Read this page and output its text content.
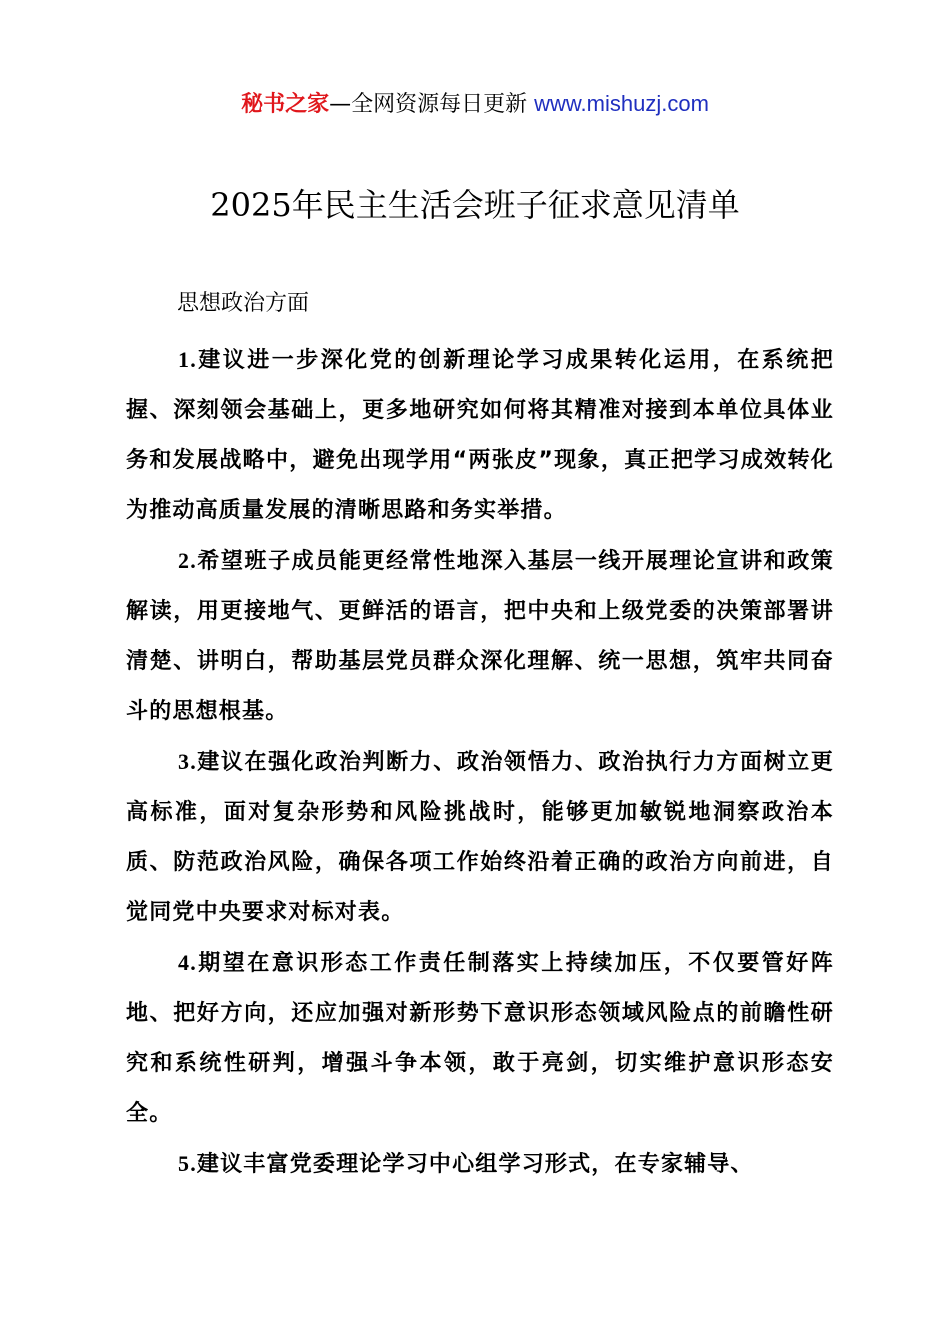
秘书之家—全网资源每日更新 www.mishuzj.com
2025年民主生活会班子征求意见清单
思想政治方面

1.建议进一步深化党的创新理论学习成果转化运用，在系统把握、深刻领会基础上，更多地研究如何将其精准对接到本单位具体业务和发展战略中，避免出现学用“两张皮”现象，真正把学习成效转化为推动高质量发展的清晰思路和务实举措。

2.希望班子成员能更经常性地深入基层一线开展理论宣讲和政策解读，用更接地气、更鲜活的语言，把中央和上级党委的决策部署讲清楚、讲明白，帮助基层党员群众深化理解、统一思想，筑牢共同奋斗的思想根基。

3.建议在强化政治判断力、政治领悟力、政治执行力方面树立更高标准，面对复杂形势和风险挑战时，能够更加敏锐地洞察政治本质、防范政治风险，确保各项工作始终沿着正确的政治方向前进，自觉同党中央要求对标对表。

4.期望在意识形态工作责任制落实上持续加压，不仅要管好阵地、把好方向，还应加强对新形势下意识形态领域风险点的前瞻性研究和系统性研判，增强斗争本领，敢于亮剑，切实维护意识形态安全。

5.建议丰富党委理论学习中心组学习形式，在专家辅导、
